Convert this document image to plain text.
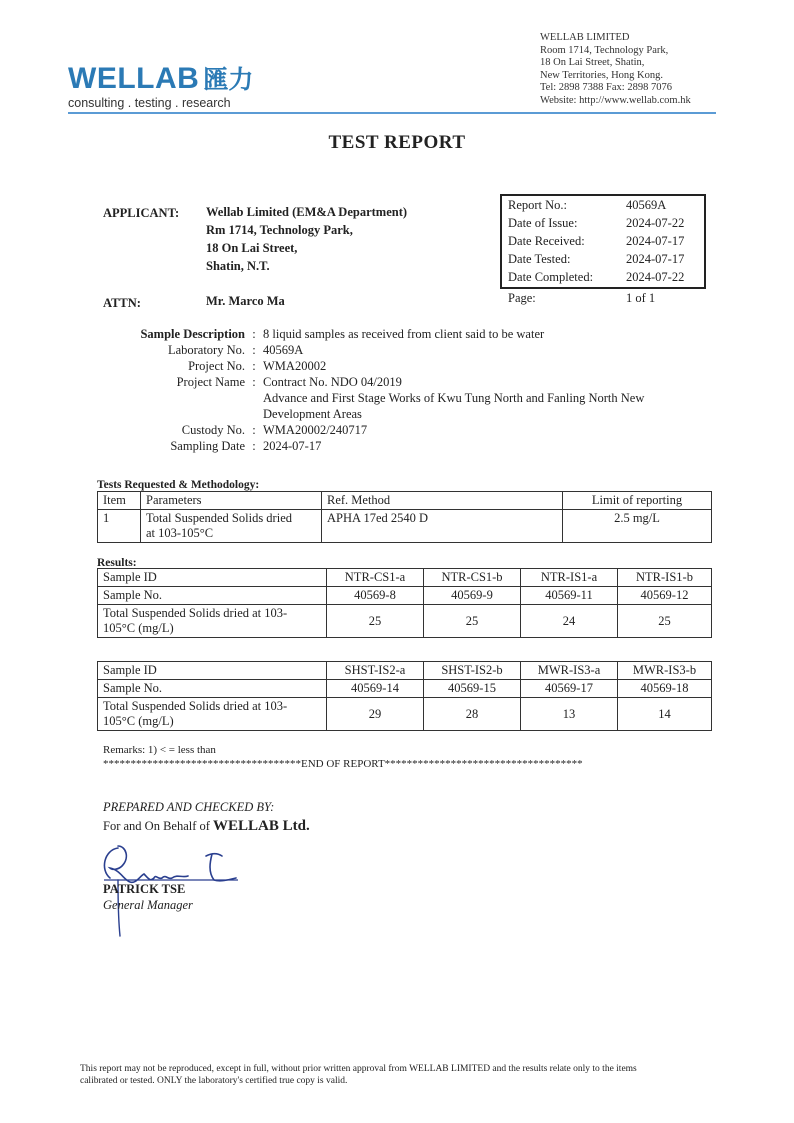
WELLAB 匯力
consulting . testing . research
WELLAB LIMITED
Room 1714, Technology Park,
18 On Lai Street, Shatin,
New Territories, Hong Kong.
Tel: 2898 7388 Fax: 2898 7076
Website: http://www.wellab.com.hk
TEST REPORT
APPLICANT: Wellab Limited (EM&A Department)
Rm 1714, Technology Park,
18 On Lai Street,
Shatin, N.T.
ATTN:	Mr. Marco Ma
Report No.:	40569A
Date of Issue:	2024-07-22
Date Received:	2024-07-17
Date Tested:	2024-07-17
Date Completed:	2024-07-22
Page:	1 of 1
Sample Description : 8 liquid samples as received from client said to be water
Laboratory No. : 40569A
Project No. : WMA20002
Project Name : Contract No. NDO 04/2019
Advance and First Stage Works of Kwu Tung North and Fanling North New Development Areas
Custody No. : WMA20002/240717
Sampling Date : 2024-07-17
Tests Requested & Methodology:
Item	Parameters	Ref. Method	Limit of reporting
1	Total Suspended Solids dried
at 103-105°C	APHA 17ed 2540 D	2.5 mg/L
Results:
Sample ID	NTR-CS1-a	NTR-CS1-b	NTR-IS1-a	NTR-IS1-b
Sample No.	40569-8	40569-9	40569-11	40569-12

Total Suspended Solids dried at 103-
105°C (mg/L)	25	25	24	25
Sample ID	SHST-IS2-a	SHST-IS2-b	MWR-IS3-a	MWR-IS3-b
Sample No.	40569-14	40569-15	40569-17	40569-18

Total Suspended Solids dried at 103-
105°C (mg/L)	29	28	13	14
Remarks: 1) < = less than
************************************END OF REPORT************************************
PREPARED AND CHECKED BY:
For and On Behalf of WELLAB Ltd.
PATRICK TSE
General Manager
This report may not be reproduced, except in full, without prior written approval from WELLAB LIMITED and the results relate only to the items
calibrated or tested. ONLY the laboratory's certified true copy is valid.
